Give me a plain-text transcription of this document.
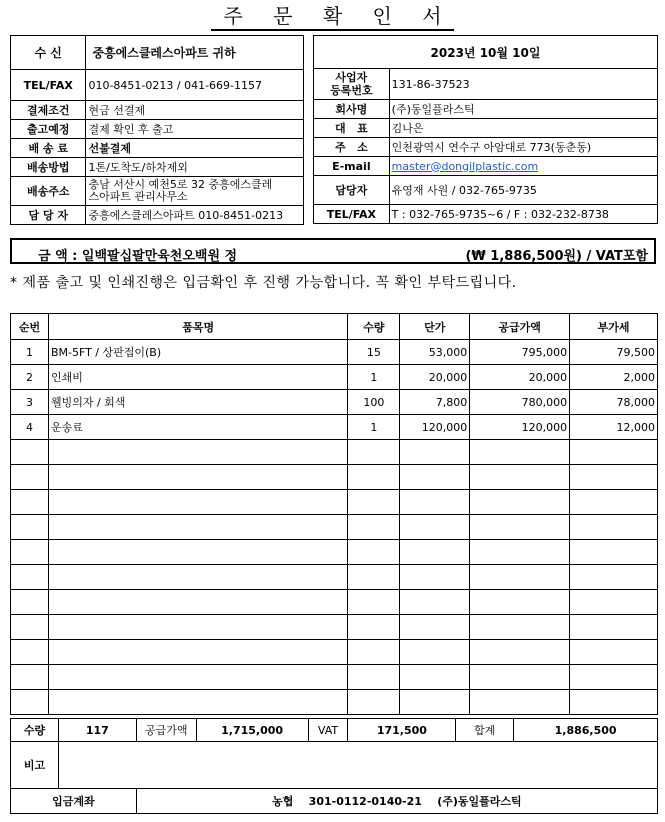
주 문 확 인 서
수 신	중흥에스클레스아파트 귀하
TEL/FAX	010-8451-0213 / 041-669-1157
결제조건	현금 선결제
출고예정	결제 확인 후 출고
배 송 료	선불결제
배송방법	1톤/도착도/하차제외
배송주소	충남 서산시 예천5로 32 중흥에스클레
스아파트 관리사무소
담 당 자	중흥에스클레스아파트 010-8451-0213
2023년 10월 10일	
사업자
등록번호	131-86-37523
회사명	(주)동일플라스틱
대   표	김나은
주   소	인천광역시 연수구 아암대로 773(동춘동)
E-mail	master@dongilplastic.com
담당자	유영재 사원 / 032-765-9735
TEL/FAX	T : 032-765-9735~6 / F : 032-232-8738
금 액 : 일백팔십팔만육천오백원 정	(₩ 1,886,500원) / VAT포함
* 제품 출고 및 인쇄진행은 입금확인 후 진행 가능합니다. 꼭 확인 부탁드립니다.
순번	품목명	수량	단가	공급가액	부가세
1	BM-5FT / 상판접이(B)	15	53,000	795,000	79,500
2	인쇄비	1	20,000	20,000	2,000
3	웰빙의자 / 회색	100	7,800	780,000	78,000
4	운송료	1	120,000	120,000	12,000

수량	117	공급가액	1,715,000	VAT	171,500	합계	1,886,500
비고							
입금계좌		농협    301-0112-0140-21    (주)동일플라스틱					
